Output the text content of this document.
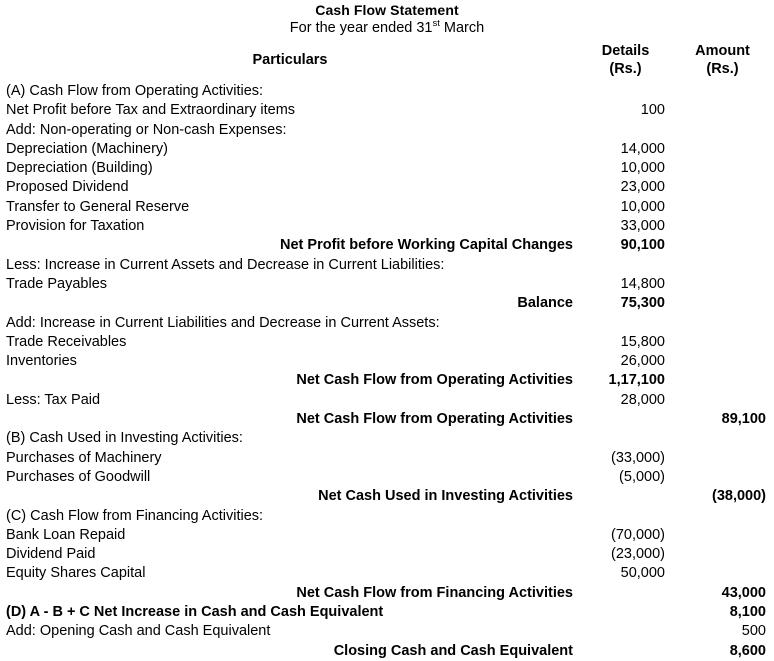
Cash Flow Statement
For the year ended 31st March
Particulars	
Details
(Rs.)

Amount
(Rs.)

(A) Cash Flow from Operating Activities:		
Net Profit before Tax and Extraordinary items	100	
Add: Non-operating or Non-cash Expenses:		
Depreciation (Machinery)	14,000	
Depreciation (Building)	10,000	
Proposed Dividend	23,000	
Transfer to General Reserve	10,000	
Provision for Taxation	33,000	
Net Profit before Working Capital Changes	90,100	
Less: Increase in Current Assets and Decrease in Current Liabilities:		
Trade Payables	14,800	
Balance	75,300	
Add: Increase in Current Liabilities and Decrease in Current Assets:		
Trade Receivables	15,800	
Inventories	26,000	
Net Cash Flow from Operating Activities	1,17,100	
Less: Tax Paid	28,000	
Net Cash Flow from Operating Activities		89,100
(B) Cash Used in Investing Activities:		
Purchases of Machinery	(33,000)	
Purchases of Goodwill	(5,000)	
Net Cash Used in Investing Activities		(38,000)
(C) Cash Flow from Financing Activities:		
Bank Loan Repaid	(70,000)	
Dividend Paid	(23,000)	
Equity Shares Capital	50,000	
Net Cash Flow from Financing Activities		43,000
(D) A - B + C Net Increase in Cash and Cash Equivalent		8,100
Add: Opening Cash and Cash Equivalent		500
Closing Cash and Cash Equivalent		8,600
